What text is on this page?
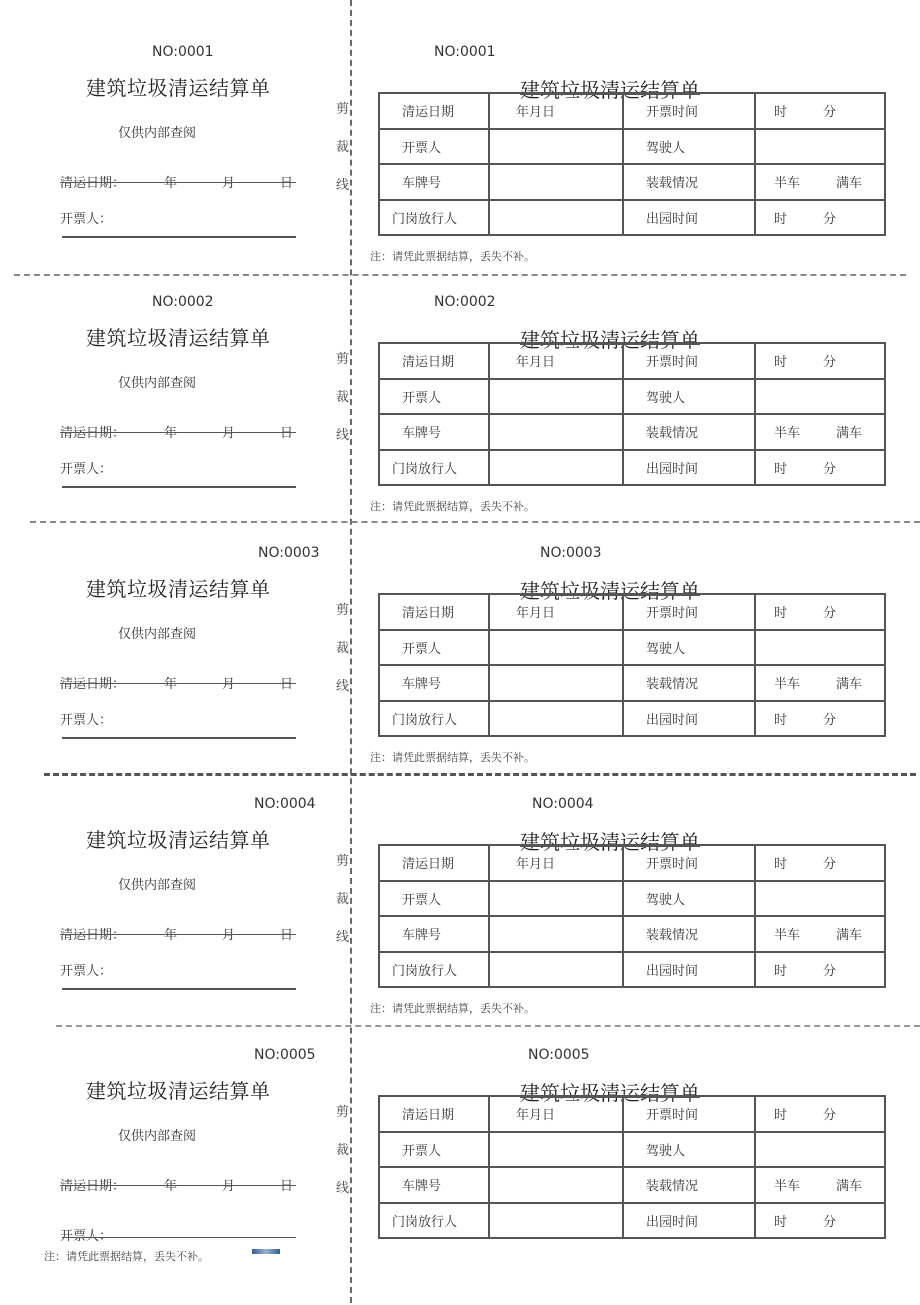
NO:0001
建筑垃圾清运结算单
仅供内部查阅
清运日期：	年	月	日
开票人：
剪
裁
线
NO:0001
建筑垃圾清运结算单
清运日期	年月日	开票时间	时 分
开票人		驾驶人	
车牌号		装载情况	半车 满车
门岗放行人		出园时间	时 分
注：请凭此票据结算，丢失不补。
NO:0002
建筑垃圾清运结算单
仅供内部查阅
清运日期：	年	月	日
开票人：
剪
裁
线
NO:0002
建筑垃圾清运结算单
清运日期	年月日	开票时间	时 分
开票人		驾驶人	
车牌号		装载情况	半车 满车
门岗放行人		出园时间	时 分
注：请凭此票据结算，丢失不补。
NO:0003
建筑垃圾清运结算单
仅供内部查阅
清运日期：	年	月	日
开票人：
剪
裁
线
NO:0003
建筑垃圾清运结算单
清运日期	年月日	开票时间	时 分
开票人		驾驶人	
车牌号		装载情况	半车 满车
门岗放行人		出园时间	时 分
注：请凭此票据结算，丢失不补。
NO:0004
建筑垃圾清运结算单
仅供内部查阅
清运日期：	年	月	日
开票人：
剪
裁
线
NO:0004
建筑垃圾清运结算单
清运日期	年月日	开票时间	时 分
开票人		驾驶人	
车牌号		装载情况	半车 满车
门岗放行人		出园时间	时 分
注：请凭此票据结算，丢失不补。
NO:0005
建筑垃圾清运结算单
仅供内部查阅
清运日期：	年	月	日
开票人：
剪
裁
线
NO:0005
建筑垃圾清运结算单
清运日期	年月日	开票时间	时 分
开票人		驾驶人	
车牌号		装载情况	半车 满车
门岗放行人		出园时间	时 分
注：请凭此票据结算，丢失不补。
